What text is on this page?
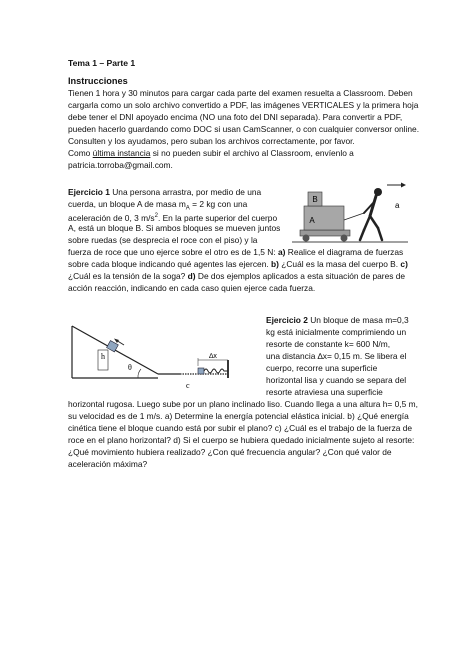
Tema 1 – Parte 1
Instrucciones
Tienen 1 hora y 30 minutos para cargar cada parte del examen resuelta a Classroom. Deben
cargarla como un solo archivo convertido a PDF, las imágenes VERTICALES y la primera hoja
debe tener el DNI apoyado encima (NO una foto del DNI separada). Para convertir a PDF,
pueden hacerlo guardando como DOC si usan CamScanner, o con cualquier conversor online.
Consulten y los ayudamos, pero suban los archivos correctamente, por favor.
Como última instancia si no pueden subir el archivo al Classroom, envíenlo a
patricia.torroba@gmail.com.
Ejercicio 1 Una persona arrastra, por medio de una
cuerda, un bloque A de masa $m_A = 2$ kg con una
aceleración de 0, 3 $m/s^2$. En la parte superior del cuerpo
A, está un bloque B. Si ambos bloques se mueven juntos
sobre ruedas (se desprecia el roce con el piso) y la
fuerza de roce que uno ejerce sobre el otro es de 1,5 N: a) Realice el diagrama de fuerzas
sobre cada bloque indicando qué agentes las ejercen. b) ¿Cuál es la masa del cuerpo B. c)
¿Cuál es la tensión de la soga? d) De dos ejemplos aplicados a esta situación de pares de
acción reacción, indicando en cada caso quien ejerce cada fuerza.
B
A
a
Ejercicio 2 Un bloque de masa m=0,3
kg está inicialmente comprimiendo un
resorte de constante k= 600 N/m,
una distancia ∆x= 0,15 m. Se libera el
cuerpo, recorre una superficie
horizontal lisa y cuando se separa del
resorte atraviesa una superficie
horizontal rugosa. Luego sube por un plano inclinado liso. Cuando llega a una altura h= 0,5 m,
su velocidad es de 1 m/s. a) Determine la energía potencial elástica inicial. b) ¿Qué energía
cinética tiene el bloque cuando está por subir el plano? c) ¿Cuál es el trabajo de la fuerza de
roce en el plano horizontal? d) Si el cuerpo se hubiera quedado inicialmente sujeto al resorte:
¿Qué movimiento hubiera realizado? ¿Con qué frecuencia angular? ¿Con qué valor de
aceleración máxima?
h
θ
∆x
c
